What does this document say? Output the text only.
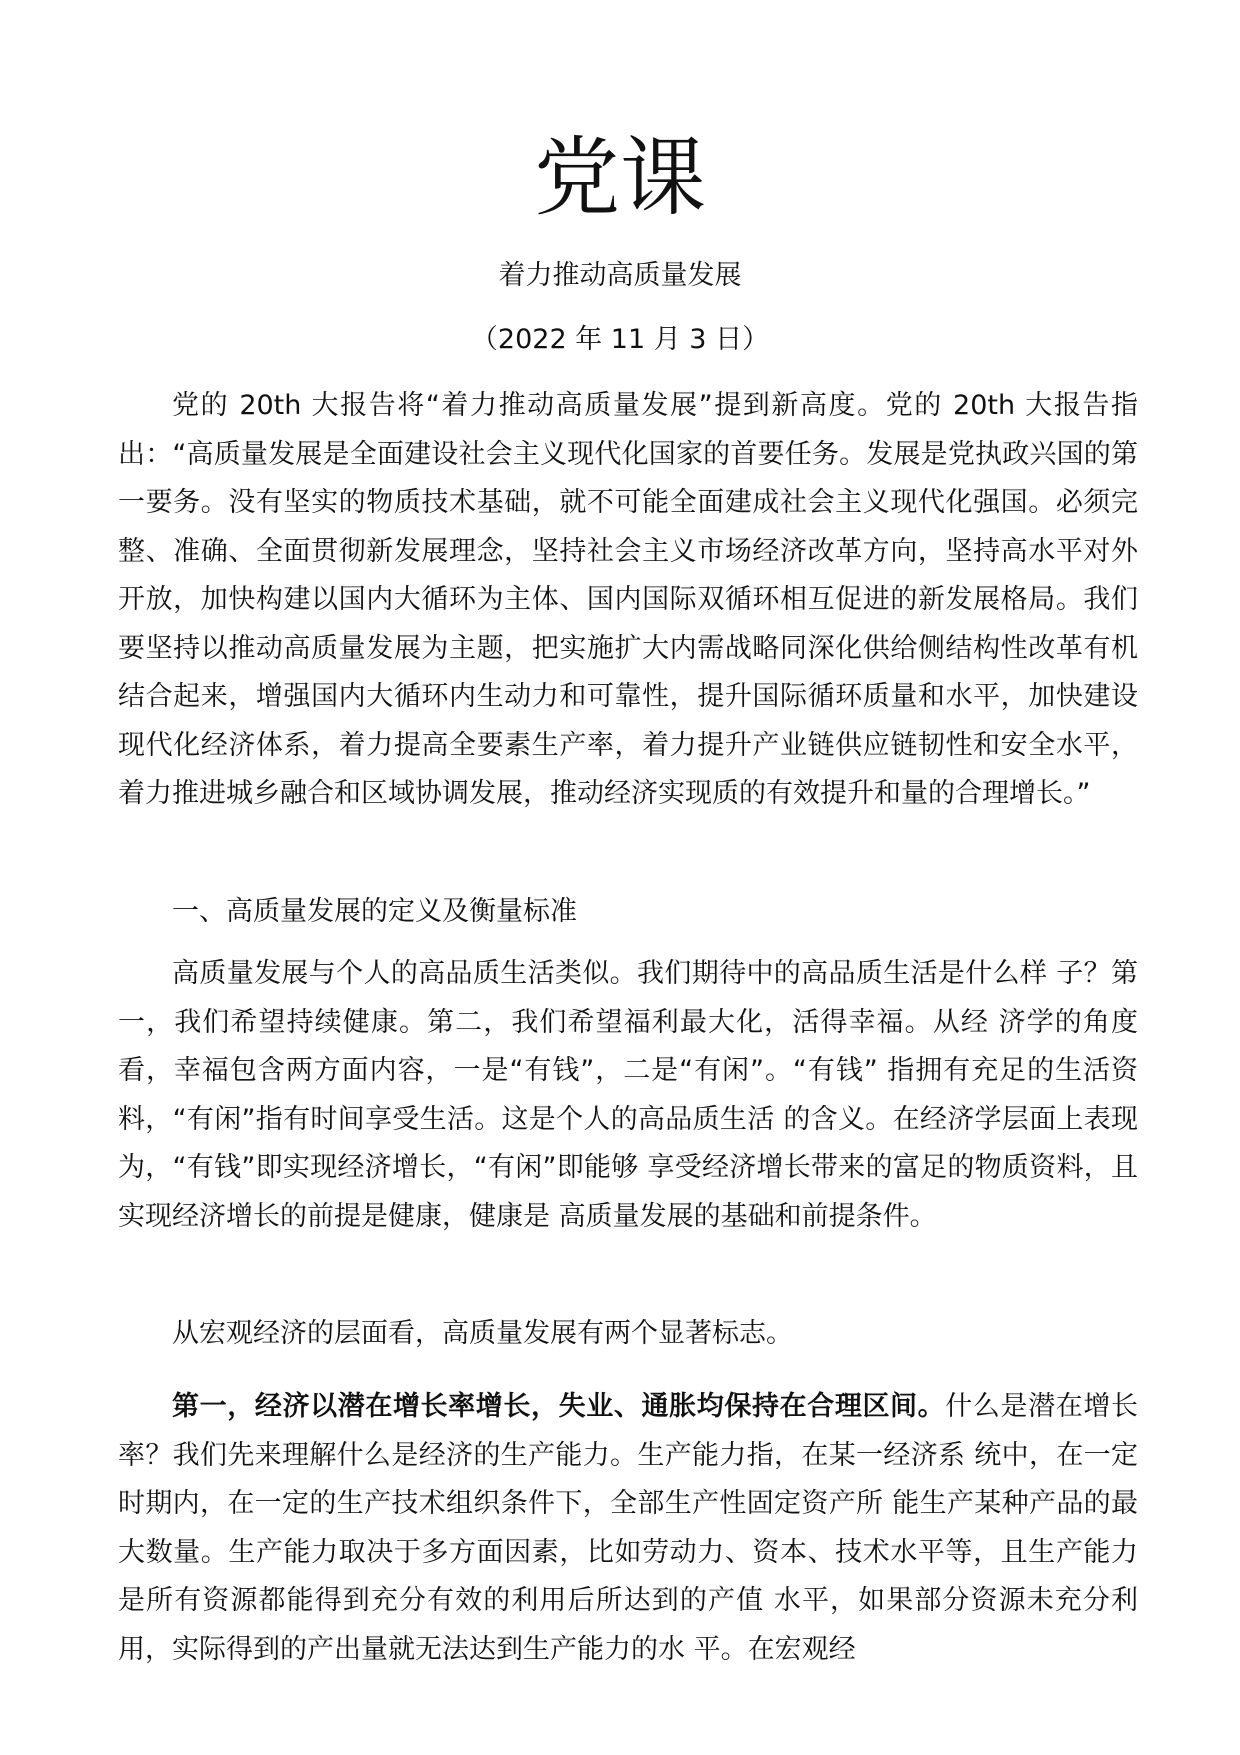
党课
着力推动高质量发展
（2022 年 11 月 3 日）

党的 20th 大报告将“着力推动高质量发展”提到新高度。党的 20th 大报告指出：“高质量发展是全面建设社会主义现代化国家的首要任务。发展是党执政兴国的第一要务。没有坚实的物质技术基础，就不可能全面建成社会主义现代化强国。必须完整、准确、全面贯彻新发展理念，坚持社会主义市场经济改革方向，坚持高水平对外开放，加快构建以国内大循环为主体、国内国际双循环相互促进的新发展格局。我们要坚持以推动高质量发展为主题，把实施扩大内需战略同深化供给侧结构性改革有机结合起来，增强国内大循环内生动力和可靠性，提升国际循环质量和水平，加快建设现代化经济体系，着力提高全要素生产率，着力提升产业链供应链韧性和安全水平，着力推进城乡融合和区域协调发展，推动经济实现质的有效提升和量的合理增长。”

一、高质量发展的定义及衡量标准

高质量发展与个人的高品质生活类似。我们期待中的高品质生活是什么样 子？第一，我们希望持续健康。第二，我们希望福利最大化，活得幸福。从经 济学的角度看，幸福包含两方面内容，一是“有钱”，二是“有闲”。“有钱” 指拥有充足的生活资料，“有闲”指有时间享受生活。这是个人的高品质生活 的含义。在经济学层面上表现为，“有钱”即实现经济增长，“有闲”即能够 享受经济增长带来的富足的物质资料，且实现经济增长的前提是健康，健康是 高质量发展的基础和前提条件。

从宏观经济的层面看，高质量发展有两个显著标志。

第一，经济以潜在增长率增长，失业、通胀均保持在合理区间。什么是潜在增长率？我们先来理解什么是经济的生产能力。生产能力指，在某一经济系 统中，在一定时期内，在一定的生产技术组织条件下，全部生产性固定资产所 能生产某种产品的最大数量。生产能力取决于多方面因素，比如劳动力、资本、技术水平等，且生产能力是所有资源都能得到充分有效的利用后所达到的产值 水平，如果部分资源未充分利用，实际得到的产出量就无法达到生产能力的水 平。在宏观经
